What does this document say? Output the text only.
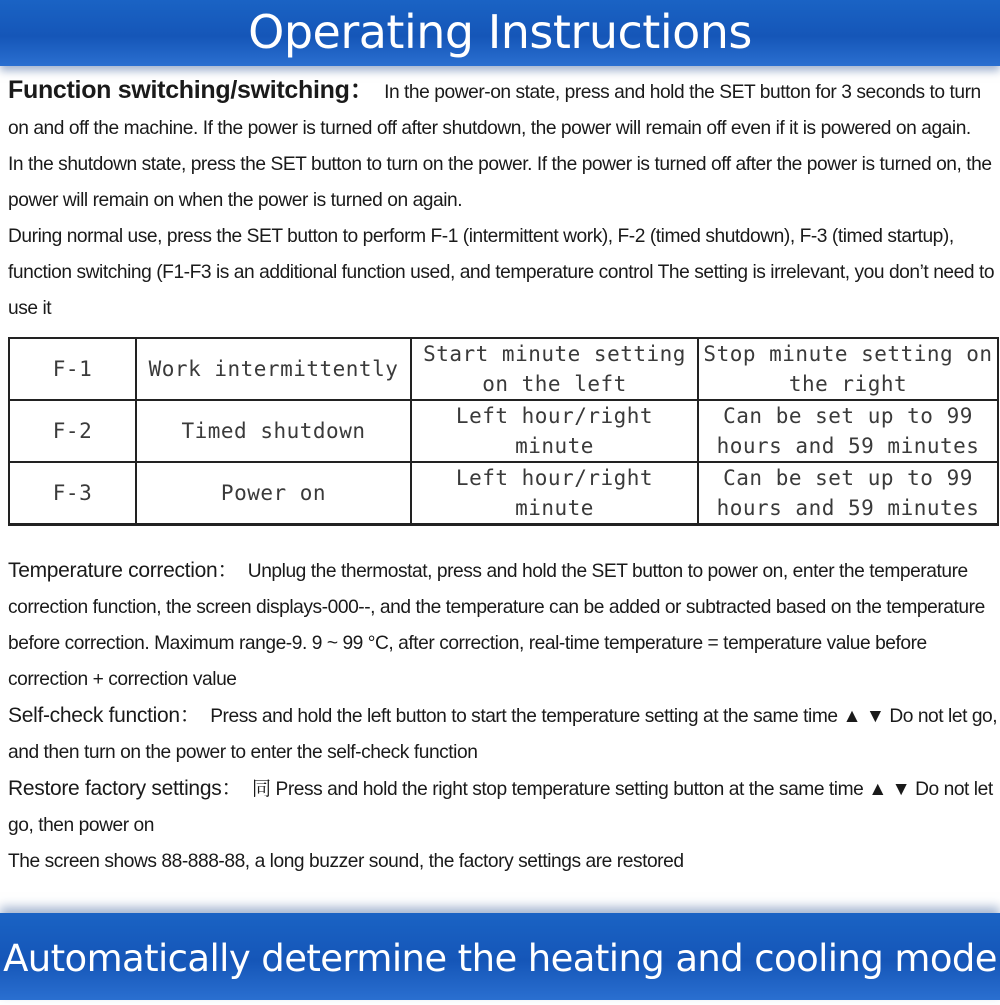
Operating Instructions

Function switching/switching： In the power-on state, press and hold the SET button for 3 seconds to turn on and off the machine. If the power is turned off after shutdown, the power will remain off even if it is powered on again.

In the shutdown state, press the SET button to turn on the power. If the power is turned off after the power is turned on, the power will remain on when the power is turned on again.

During normal use, press the SET button to perform F-1 (intermittent work), F-2 (timed shutdown), F-3 (timed startup), function switching (F1-F3 is an additional function used, and temperature control The setting is irrelevant, you don’t need to use it

F-1	Work intermittently	Start minute setting on the left	Stop minute setting on the right
F-2	Timed shutdown	Left hour/right minute	Can be set up to 99 hours and 59 minutes
F-3	Power on	Left hour/right minute	Can be set up to 99 hours and 59 minutes

Temperature correction： Unplug the thermostat, press and hold the SET button to power on, enter the temperature correction function, the screen displays-000--, and the temperature can be added or subtracted based on the temperature before correction. Maximum range-9. 9 ~ 99 °C, after correction, real-time temperature = temperature value before correction + correction value

Self-check function： Press and hold the left button to start the temperature setting at the same time ▲ ▼ Do not let go, and then turn on the power to enter the self-check function

Restore factory settings： 同 Press and hold the right stop temperature setting button at the same time ▲ ▼ Do not let go, then power on

The screen shows 88-888-88, a long buzzer sound, the factory settings are restored

Automatically determine the heating and cooling mode
